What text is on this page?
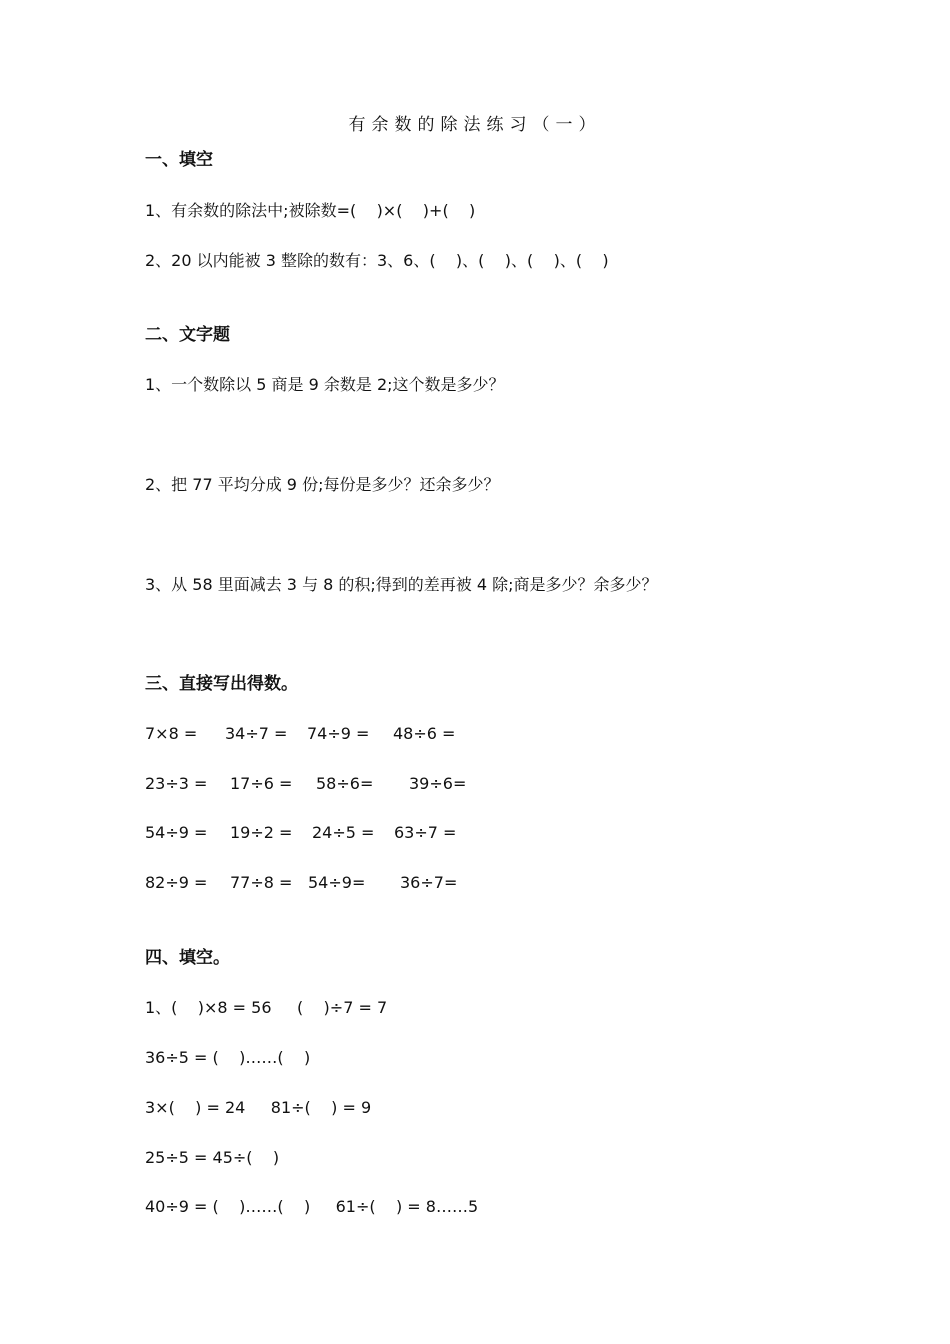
有余数的除法练习（一）
一、填空
1、有余数的除法中;被除数=(    )×(    )+(    )
2、20 以内能被 3 整除的数有：3、6、(    )、(    )、(    )、(    )
二、文字题
1、一个数除以 5 商是 9 余数是 2;这个数是多少？
2、把 77 平均分成 9 份;每份是多少？还余多少？
3、从 58 里面减去 3 与 8 的积;得到的差再被 4 除;商是多少？余多少？
三、直接写出得数。
7×8 = 34÷7 = 74÷9 = 48÷6 =
23÷3 = 17÷6 = 58÷6= 39÷6=
54÷9 = 19÷2 = 24÷5 = 63÷7 =
82÷9 = 77÷8 = 54÷9= 36÷7=
四、填空。
1、(    )×8 = 56     (    )÷7 = 7
36÷5 = (    )……(    )
3×(    ) = 24     81÷(    ) = 9
25÷5 = 45÷(    )
40÷9 = (    )……(    )     61÷(    ) = 8……5
